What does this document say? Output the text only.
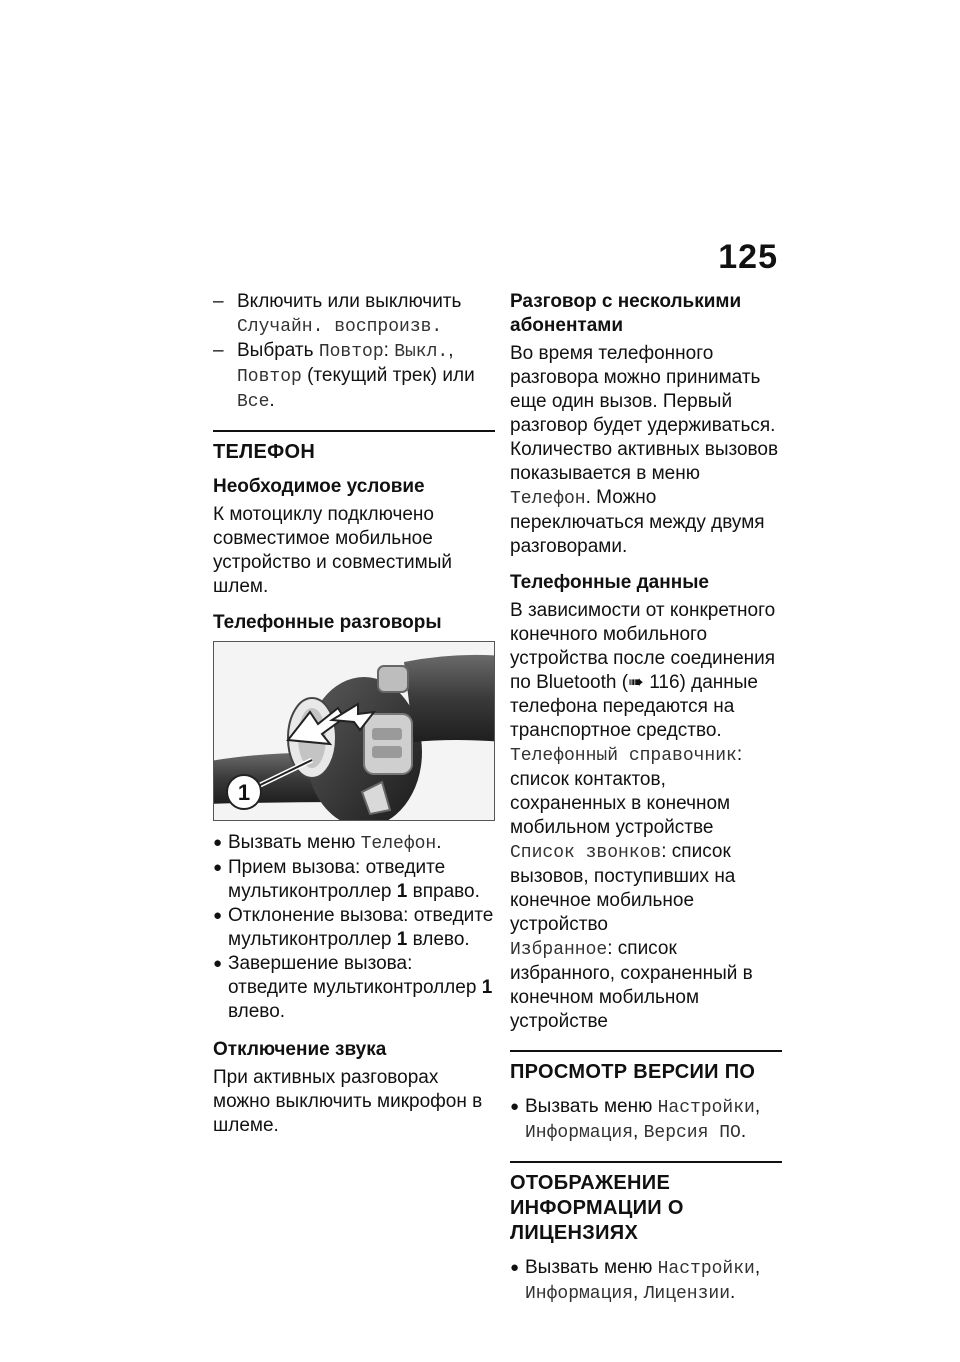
125
– Включить или выключить Случайн. воспроизв.
– Выбрать Повтор: Выкл., Повтор (текущий трек) или Все.
ТЕЛЕФОН
Необходимое условие

К мотоциклу подключено совместимое мобильное устройство и совместимый шлем.

Телефонные разговоры
1
● Вызвать меню Телефон.
● Прием вызова: отведите мультиконтроллер 1 вправо.
● Отклонение вызова: отведите мультиконтроллер 1 влево.
● Завершение вызова: отведите мультиконтроллер 1 влево.
Отключение звука

При активных разговорах можно выключить микрофон в шлеме.

Разговор с несколькими абонентами

Во время телефонного разговора можно принимать еще один вызов. Первый разговор будет удерживаться. Количество активных вызовов показывается в меню Телефон. Можно переключаться между двумя разговорами.

Телефонные данные

В зависимости от конкретного конечного мобильного устройства после соединения по Bluetooth (➠ 116) данные телефона передаются на транспортное средство.

Телефонный справочник: список контактов, сохраненных в конечном мобильном устройстве

Список звонков: список вызовов, поступивших на конечное мобильное устройство

Избранное: список избранного, сохраненный в конечном мобильном устройстве

ПРОСМОТР ВЕРСИИ ПО
● Вызвать меню Настройки, Информация, Версия ПО.
ОТОБРАЖЕНИЕ ИНФОРМАЦИИ О ЛИЦЕНЗИЯХ
● Вызвать меню Настройки, Информация, Лицензии.
